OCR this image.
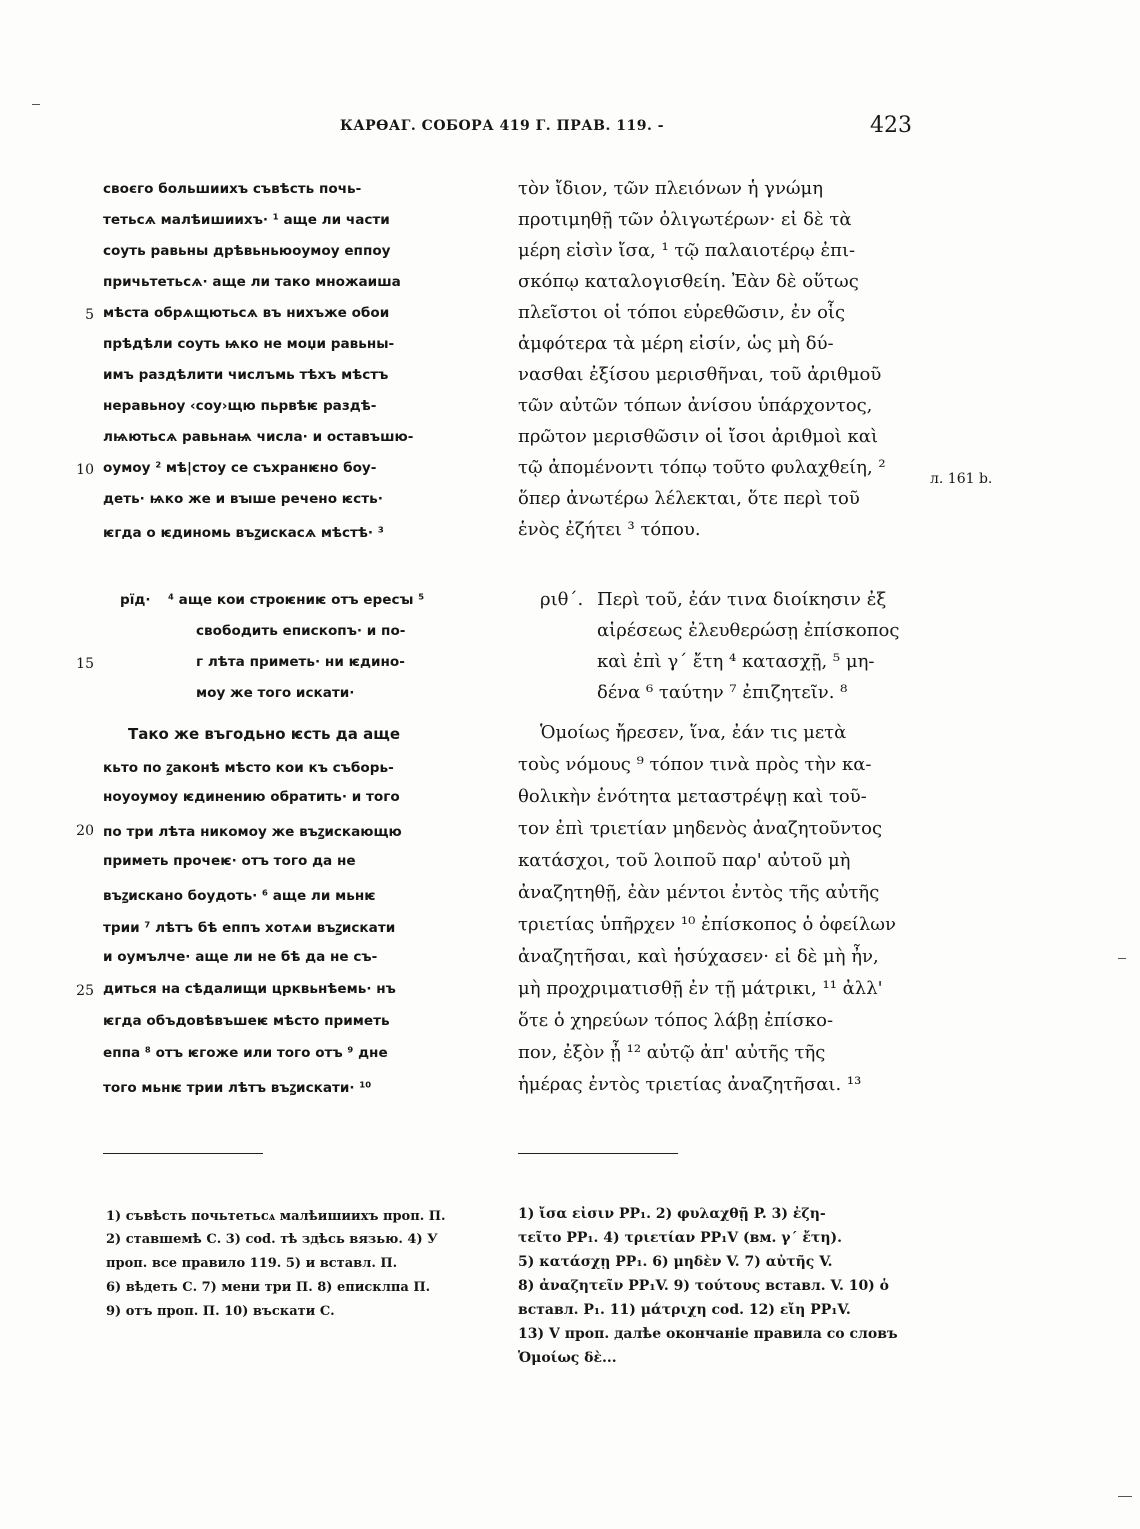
КАРѲАГ. СОБОРА 419 Г. ПРАВ. 119. -	423
своєго большиихъ съвѣсть почь-
тетьсѧ малѣишиихъ· ¹ аще ли части
соуть равьны дрѣвьньюоумоу еппоу
причьтетьсѧ· аще ли тако множаиша
мѣста обрѧщютьсѧ въ нихъже обои
прѣдѣли соуть ѩко не моџи равьны-
имъ раздѣлити числъмь тѣхъ мѣстъ
неравьноу ‹соу›щю пьрвѣѥ раздѣ-
лѩютьсѧ равьнаѩ числа· и оставъшю-
оумоу ² мѣ|стоу се съхранѥно боу-
деть· ѩко же и вꙑше речено ѥсть·
ѥгда о ѥдиномь въꙁискасѧ мѣстѣ· ³
рїд· ⁴ аще кои строѥниѥ отъ ересꙑ ⁵
свободить епископъ· и по-
г лѣта приметь· ни ѥдино-
моу же того искати·
Тако же въгодьно ѥсть да аще
кьто по ꙁаконѣ мѣсто кои къ съборь-
ноуоумоу ѥдинению обратить· и того
по три лѣта никомоу же въꙁискающю
приметь прочеѥ· отъ того да не
въꙁискано боудоть· ⁶ аще ли мьнѥ
трии ⁷ лѣтъ бѣ еппъ хотѧи въꙁискати
и оумълче· аще ли не бѣ да не съ-
диться на сѣдалищи црквьнѣемь· нъ
ѥгда объдовѣвъшеѥ мѣсто приметь
еппа ⁸ отъ ѥгоже или того отъ ⁹ дне
того мьнѥ трии лѣтъ въꙁискати· ¹⁰
5
10
15
20
25
τὸν ἴδιον, τῶν πλειόνων ἡ γνώμη
προτιμηθῇ τῶν ὀλιγωτέρων· εἰ δὲ τὰ
μέρη εἰσὶν ἴσα, ¹ τῷ παλαιοτέρῳ ἐπι-
σκόπῳ καταλογισθείη. Ἐὰν δὲ οὕτως
πλεῖστοι οἱ τόποι εὑρεθῶσιν, ἐν οἷς
ἀμφότερα τὰ μέρη εἰσίν, ὡς μὴ δύ-
νασθαι ἐξίσου μερισθῆναι, τοῦ ἀριθμοῦ
τῶν αὐτῶν τόπων ἀνίσου ὑπάρχοντος,
πρῶτον μερισθῶσιν οἱ ἴσοι ἀριθμοὶ καὶ
τῷ ἀπομένοντι τόπῳ τοῦτο φυλαχθείη, ²
ὅπερ ἀνωτέρω λέλεκται, ὅτε περὶ τοῦ
ἑνὸς ἐζήτει ³ τόπου.
ριθ΄. Περὶ τοῦ, ἐάν τινα διοίκησιν ἐξ
αἱρέσεως ἐλευθερώσῃ ἐπίσκοπος
καὶ ἐπὶ γ΄ ἔτη ⁴ κατασχῇ, ⁵ μη-
δένα ⁶ ταύτην ⁷ ἐπιζητεῖν. ⁸
Ὁμοίως ἤρεσεν, ἵνα, ἐάν τις μετὰ
τοὺς νόμους ⁹ τόπον τινὰ πρὸς τὴν κα-
θολικὴν ἑνότητα μεταστρέψῃ καὶ τοῦ-
τον ἐπὶ τριετίαν μηδενὸς ἀναζητοῦντος
κατάσχοι, τοῦ λοιποῦ παρ' αὐτοῦ μὴ
ἀναζητηθῇ, ἐὰν μέντοι ἐντὸς τῆς αὐτῆς
τριετίας ὑπῆρχεν ¹⁰ ἐπίσκοπος ὁ ὀφείλων
ἀναζητῆσαι, καὶ ἡσύχασεν· εἰ δὲ μὴ ἦν,
μὴ προχριματισθῇ ἐν τῇ μάτρικι, ¹¹ ἀλλ'
ὅτε ὁ χηρεύων τόπος λάβῃ ἐπίσκο-
πον, ἐξὸν ᾖ ¹² αὐτῷ ἀπ' αὐτῆς τῆς
ἡμέρας ἐντὸς τριετίας ἀναζητῆσαι. ¹³
л. 161 b.
1) съвѣсть почьтетьсѧ малѣишиихъ проп. П.
2) ставшемѣ С. 3) cod. тѣ здѣсь вязью. 4) У
проп. все правило 119. 5) и вставл. П.
6) вѣдеть С. 7) мени три П. 8) еписклпа П.
9) отъ проп. П. 10) въскати С.
1) ἴσα εἰσιν PP₁. 2) φυλαχθῇ P. 3) ἐζη-
τεῖτο PP₁. 4) τριετίαν PP₁V (вм. γ΄ ἔτη).
5) κατάσχῃ PP₁. 6) μηδὲν V. 7) αὐτῆς V.
8) ἀναζητεῖν PP₁V. 9) τούτους вставл. V. 10) ὁ
вставл. P₁. 11) μάτριχη cod. 12) εἴη PP₁V.
13) V проп. далѣе окончаніе правила со словъ
Ὁμοίως δὲ...
